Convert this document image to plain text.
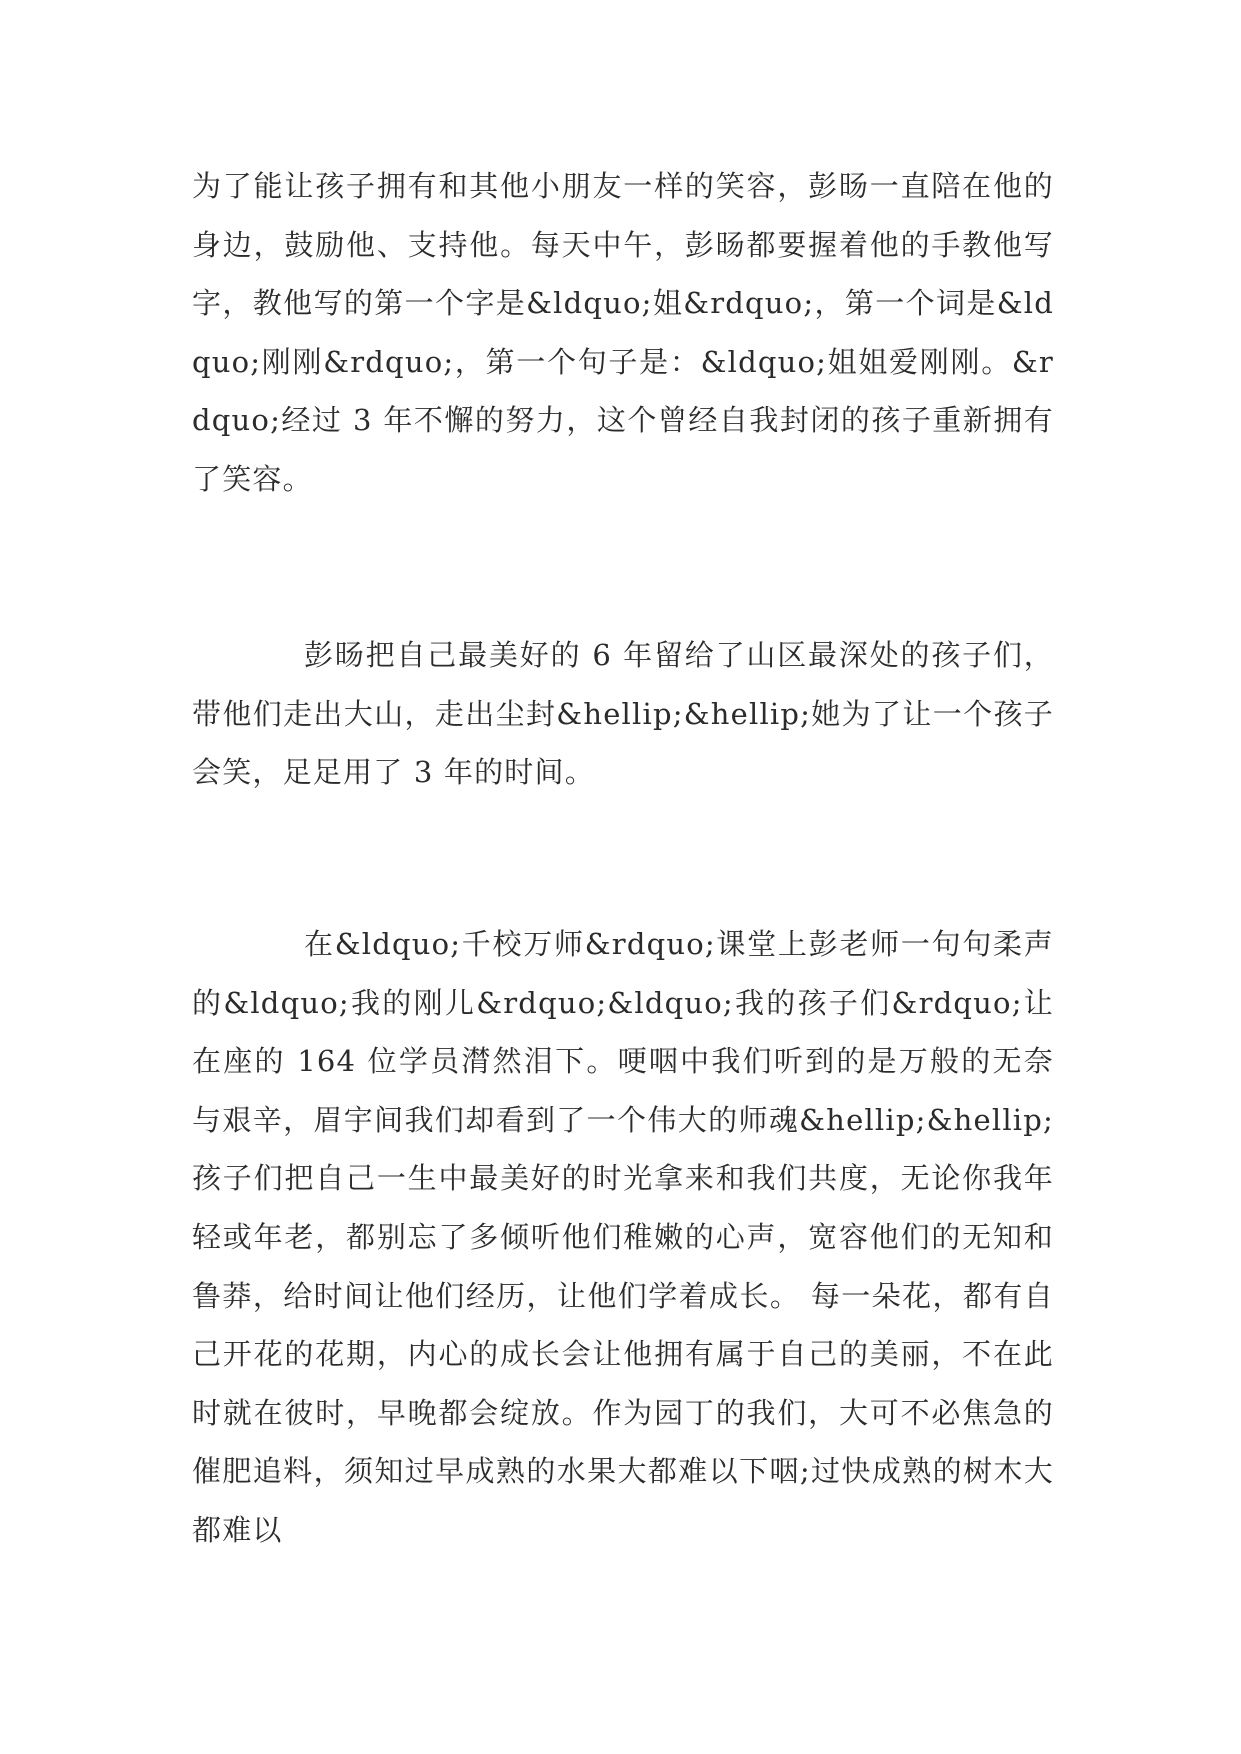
为了能让孩子拥有和其他小朋友一样的笑容，彭旸一直陪在他的身边，鼓励他、支持他。每天中午，彭旸都要握着他的手教他写字，教他写的第一个字是&ldquo;姐&rdquo;，第一个词是&ldquo;刚刚&rdquo;，第一个句子是：&ldquo;姐姐爱刚刚。&rdquo;经过 3 年不懈的努力，这个曾经自我封闭的孩子重新拥有了笑容。

彭旸把自己最美好的 6 年留给了山区最深处的孩子们，带他们走出大山，走出尘封&hellip;&hellip;她为了让一个孩子会笑，足足用了 3 年的时间。

在&ldquo;千校万师&rdquo;课堂上彭老师一句句柔声的&ldquo;我的刚儿&rdquo;&ldquo;我的孩子们&rdquo;让在座的 164 位学员潸然泪下。哽咽中我们听到的是万般的无奈与艰辛，眉宇间我们却看到了一个伟大的师魂&hellip;&hellip;孩子们把自己一生中最美好的时光拿来和我们共度，无论你我年轻或年老，都别忘了多倾听他们稚嫩的心声，宽容他们的无知和鲁莽，给时间让他们经历，让他们学着成长。 每一朵花，都有自己开花的花期，内心的成长会让他拥有属于自己的美丽，不在此时就在彼时，早晚都会绽放。作为园丁的我们，大可不必焦急的催肥追料，须知过早成熟的水果大都难以下咽;过快成熟的树木大都难以
